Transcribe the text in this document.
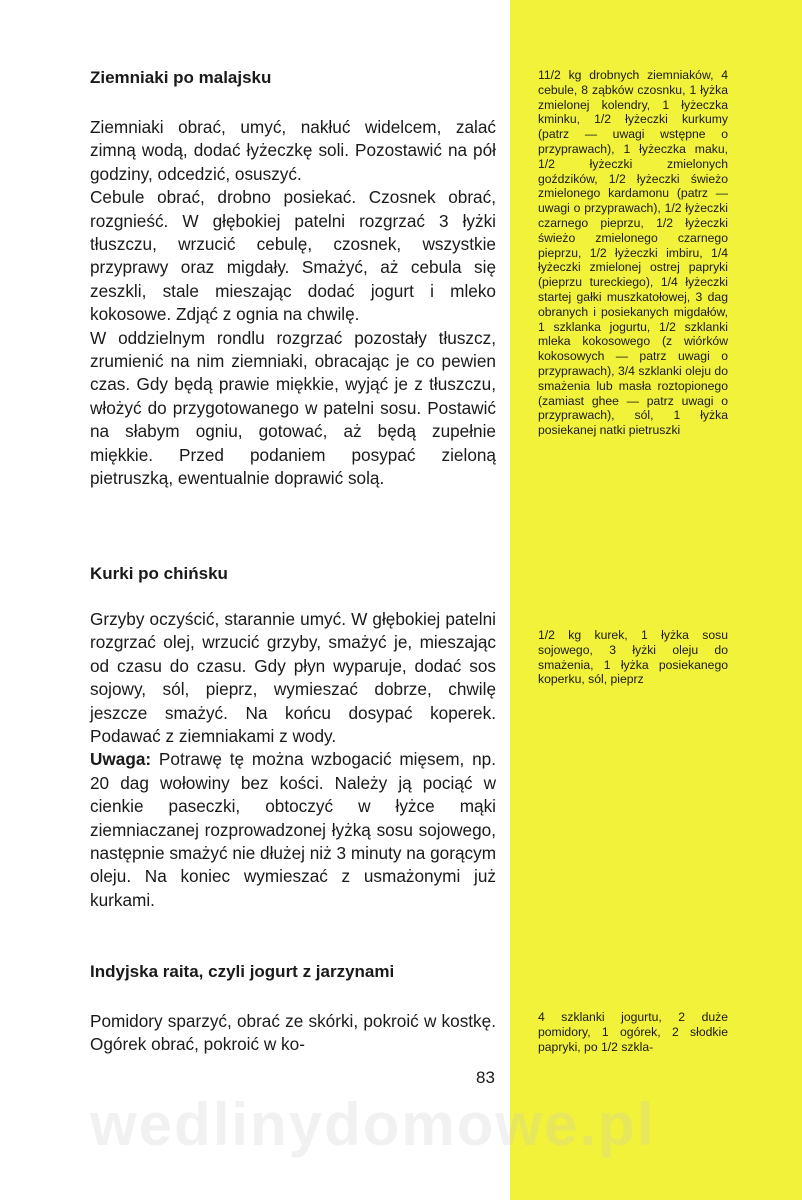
Ziemniaki po malajsku

Ziemniaki obrać, umyć, nakłuć widelcem, zalać zimną wodą, dodać łyżeczkę soli. Pozostawić na pół godziny, odcedzić, osuszyć.

Cebule obrać, drobno posiekać. Czosnek obrać, rozgnieść. W głębokiej patelni rozgrzać 3 łyżki tłuszczu, wrzucić cebulę, czosnek, wszystkie przyprawy oraz migdały. Smażyć, aż cebula się zeszkli, stale mieszając dodać jogurt i mleko kokosowe. Zdjąć z ognia na chwilę.

W oddzielnym rondlu rozgrzać pozostały tłuszcz, zrumienić na nim ziemniaki, obracając je co pewien czas. Gdy będą prawie miękkie, wyjąć je z tłuszczu, włożyć do przygotowanego w patelni sosu. Postawić na słabym ogniu, gotować, aż będą zupełnie miękkie. Przed podaniem posypać zieloną pietruszką, ewentualnie doprawić solą.

11/2 kg drobnych ziemniaków, 4 cebule, 8 ząbków czosnku, 1 łyżka zmielonej kolendry, 1 łyżeczka kminku, 1/2 łyżeczki kurkumy (patrz — uwagi wstępne o przyprawach), 1 łyżeczka maku, 1/2 łyżeczki zmielonych goździków, 1/2 łyżeczki świeżo zmielonego kardamonu (patrz — uwagi o przyprawach), 1/2 łyżeczki czarnego pieprzu, 1/2 łyżeczki świeżo zmielonego czarnego pieprzu, 1/2 łyżeczki imbiru, 1/4 łyżeczki zmielonej ostrej papryki (pieprzu tureckiego), 1/4 łyżeczki startej gałki muszkatołowej, 3 dag obranych i posiekanych migdałów, 1 szklanka jogurtu, 1/2 szklanki mleka kokosowego (z wiórków kokosowych — patrz uwagi o przyprawach), 3/4 szklanki oleju do smażenia lub masła roztopionego (zamiast ghee — patrz uwagi o przyprawach), sól, 1 łyżka posiekanej natki pietruszki

Kurki po chińsku

Grzyby oczyścić, starannie umyć. W głębokiej patelni rozgrzać olej, wrzucić grzyby, smażyć je, mieszając od czasu do czasu. Gdy płyn wyparuje, dodać sos sojowy, sól, pieprz, wymieszać dobrze, chwilę jeszcze smażyć. Na końcu dosypać koperek. Podawać z ziemniakami z wody.

Uwaga: Potrawę tę można wzbogacić mięsem, np. 20 dag wołowiny bez kości. Należy ją pociąć w cienkie paseczki, obtoczyć w łyżce mąki ziemniaczanej rozprowadzonej łyżką sosu sojowego, następnie smażyć nie dłużej niż 3 minuty na gorącym oleju. Na koniec wymieszać z usmażonymi już kurkami.

1/2 kg kurek, 1 łyżka sosu sojowego, 3 łyżki oleju do smażenia, 1 łyżka posiekanego koperku, sól, pieprz

Indyjska raita, czyli jogurt z jarzynami

Pomidory sparzyć, obrać ze skórki, pokroić w kostkę. Ogórek obrać, pokroić w ko-

4 szklanki jogurtu, 2 duże pomidory, 1 ogórek, 2 słodkie papryki, po 1/2 szkla-

83
wedlinydomowe.pl
